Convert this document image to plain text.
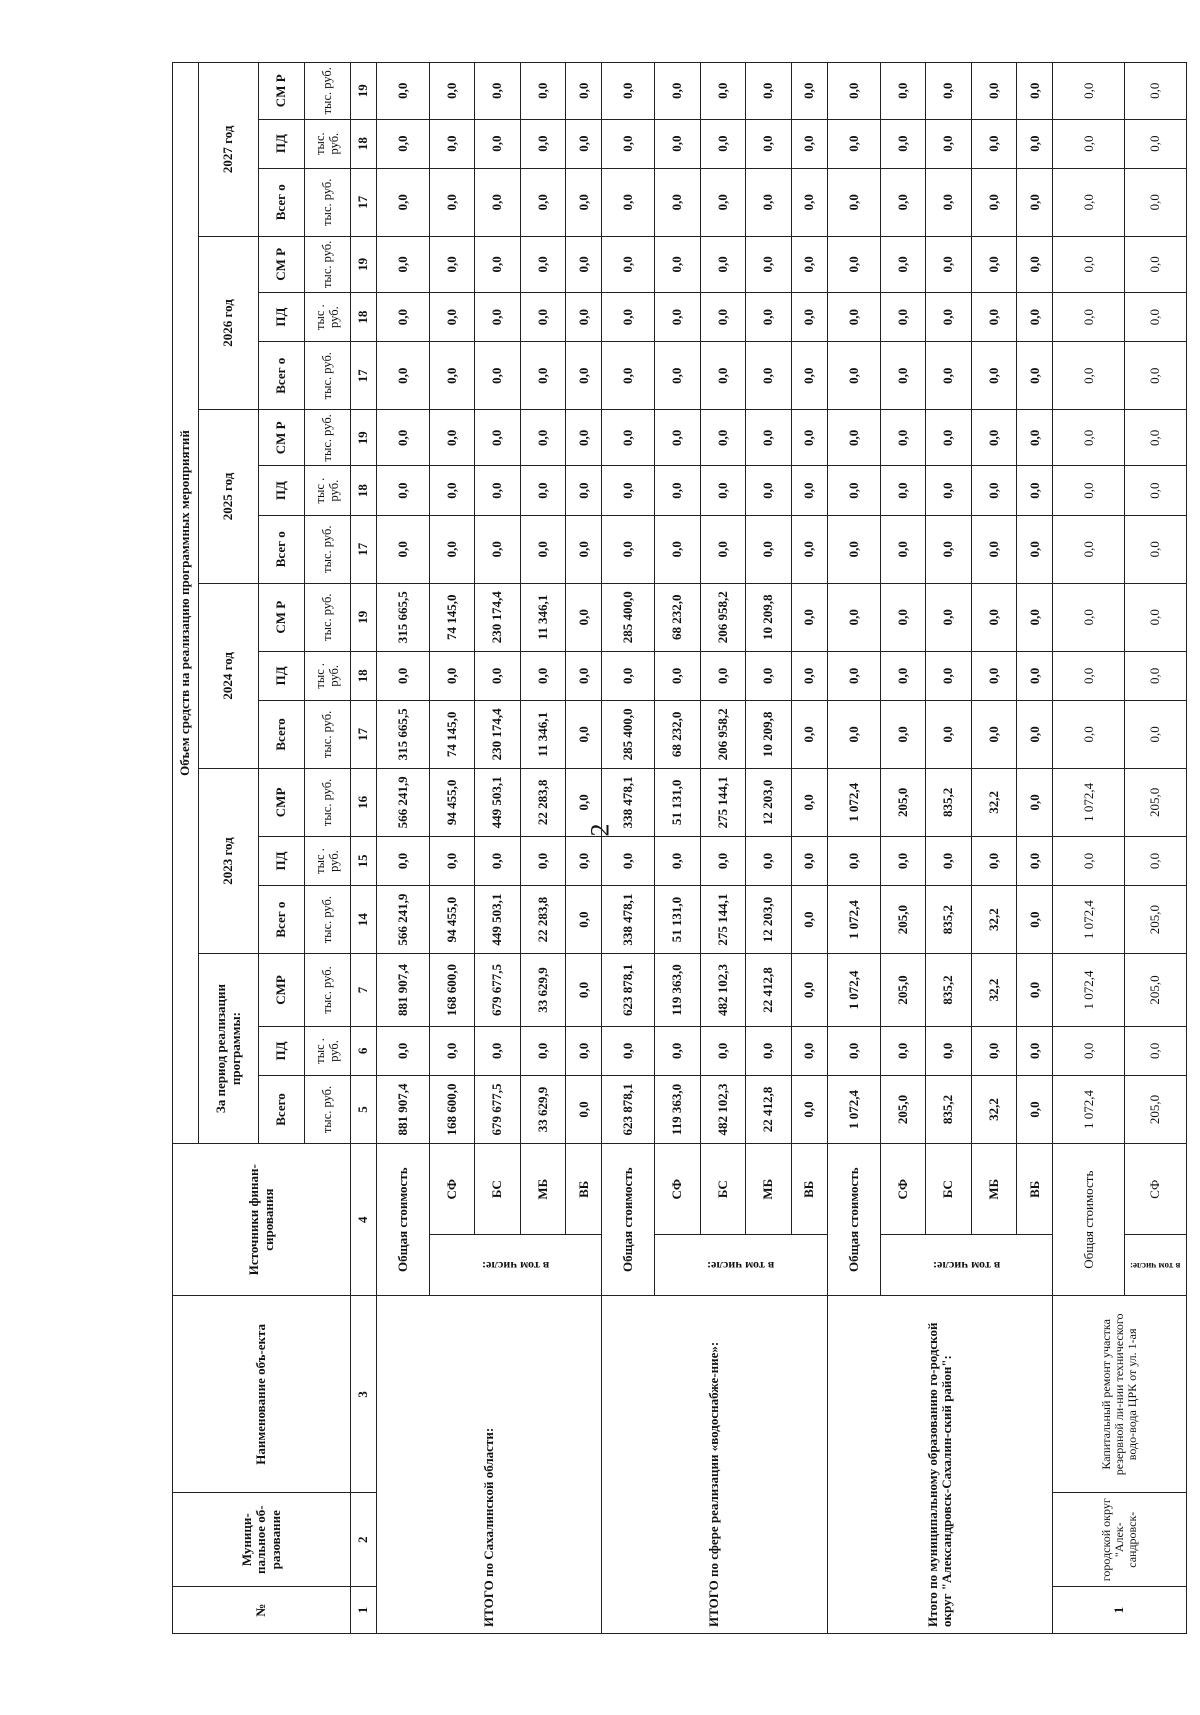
2
№	Муници-пальное об-разование	Наименование объ-екта	Источники финан-сирования		Объем средств на реализацию программных мероприятий																	
					За период реализации программы:			2023 год			2024 год			2025 год			2026 год			2027 год		
					Всего	ПД	СМР	Всег о	ПД	СМР	Всего	ПД	СМ Р	Всег о	ПД	СМ Р	Всег о	ПД	СМ Р	Всег о	ПД	СМ Р
					тыс. руб.	тыс . руб.	тыс. руб.	тыс. руб.	тыс . руб.	тыс. руб.	тыс. руб.	тыс . руб.	тыс. руб.	тыс. руб.	тыс . руб.	тыс. руб.	тыс. руб.	тыс . руб.	тыс. руб.	тыс. руб.	тыс. руб.	тыс. руб.
1	2	3	4		5	6	7	14	15	16	17	18	19	17	18	19	17	18	19	17	18	19
ИТОГО по Сахалинской области:			Общая стоимость		881 907,4	0,0	881 907,4	566 241,9	0,0	566 241,9	315 665,5	0,0	315 665,5	0,0	0,0	0,0	0,0	0,0	0,0	0,0	0,0	0,0

			в том числе:	СФ	168 600,0	0,0	168 600,0	94 455,0	0,0	94 455,0	74 145,0	0,0	74 145,0	0,0	0,0	0,0	0,0	0,0	0,0	0,0	0,0	0,0
				БС	679 677,5	0,0	679 677,5	449 503,1	0,0	449 503,1	230 174,4	0,0	230 174,4	0,0	0,0	0,0	0,0	0,0	0,0	0,0	0,0	0,0
				МБ	33 629,9	0,0	33 629,9	22 283,8	0,0	22 283,8	11 346,1	0,0	11 346,1	0,0	0,0	0,0	0,0	0,0	0,0	0,0	0,0	0,0
				ВБ	0,0	0,0	0,0	0,0	0,0	0,0	0,0	0,0	0,0	0,0	0,0	0,0	0,0	0,0	0,0	0,0	0,0	0,0
ИТОГО по сфере реализации «водоснабже-ние»:			Общая стоимость		623 878,1	0,0	623 878,1	338 478,1	0,0	338 478,1	285 400,0	0,0	285 400,0	0,0	0,0	0,0	0,0	0,0	0,0	0,0	0,0	0,0

			в том числе:	СФ	119 363,0	0,0	119 363,0	51 131,0	0,0	51 131,0	68 232,0	0,0	68 232,0	0,0	0,0	0,0	0,0	0,0	0,0	0,0	0,0	0,0
				БС	482 102,3	0,0	482 102,3	275 144,1	0,0	275 144,1	206 958,2	0,0	206 958,2	0,0	0,0	0,0	0,0	0,0	0,0	0,0	0,0	0,0
				МБ	22 412,8	0,0	22 412,8	12 203,0	0,0	12 203,0	10 209,8	0,0	10 209,8	0,0	0,0	0,0	0,0	0,0	0,0	0,0	0,0	0,0
				ВБ	0,0	0,0	0,0	0,0	0,0	0,0	0,0	0,0	0,0	0,0	0,0	0,0	0,0	0,0	0,0	0,0	0,0	0,0
Итого по муниципальному образованию го-родской округ "Александровск-Сахалин-ский район":			Общая стоимость		1 072,4	0,0	1 072,4	1 072,4	0,0	1 072,4	0,0	0,0	0,0	0,0	0,0	0,0	0,0	0,0	0,0	0,0	0,0	0,0

			в том числе:	СФ	205,0	0,0	205,0	205,0	0,0	205,0	0,0	0,0	0,0	0,0	0,0	0,0	0,0	0,0	0,0	0,0	0,0	0,0
				БС	835,2	0,0	835,2	835,2	0,0	835,2	0,0	0,0	0,0	0,0	0,0	0,0	0,0	0,0	0,0	0,0	0,0	0,0
				МБ	32,2	0,0	32,2	32,2	0,0	32,2	0,0	0,0	0,0	0,0	0,0	0,0	0,0	0,0	0,0	0,0	0,0	0,0
				ВБ	0,0	0,0	0,0	0,0	0,0	0,0	0,0	0,0	0,0	0,0	0,0	0,0	0,0	0,0	0,0	0,0	0,0	0,0
1	городской округ "Алек-сандровск-	Капитальный ремонт участка резервной ли-нии технического водо-вода ЦРК от ул. 1-ая	Общая стоимость		1 072,4	0,0	1 072,4	1 072,4	0,0	1 072,4	0,0	0,0	0,0	0,0	0,0	0,0	0,0	0,0	0,0	0,0	0,0	0,0

			в том числе:	СФ	205,0	0,0	205,0	205,0	0,0	205,0	0,0	0,0	0,0	0,0	0,0	0,0	0,0	0,0	0,0	0,0	0,0	0,0
